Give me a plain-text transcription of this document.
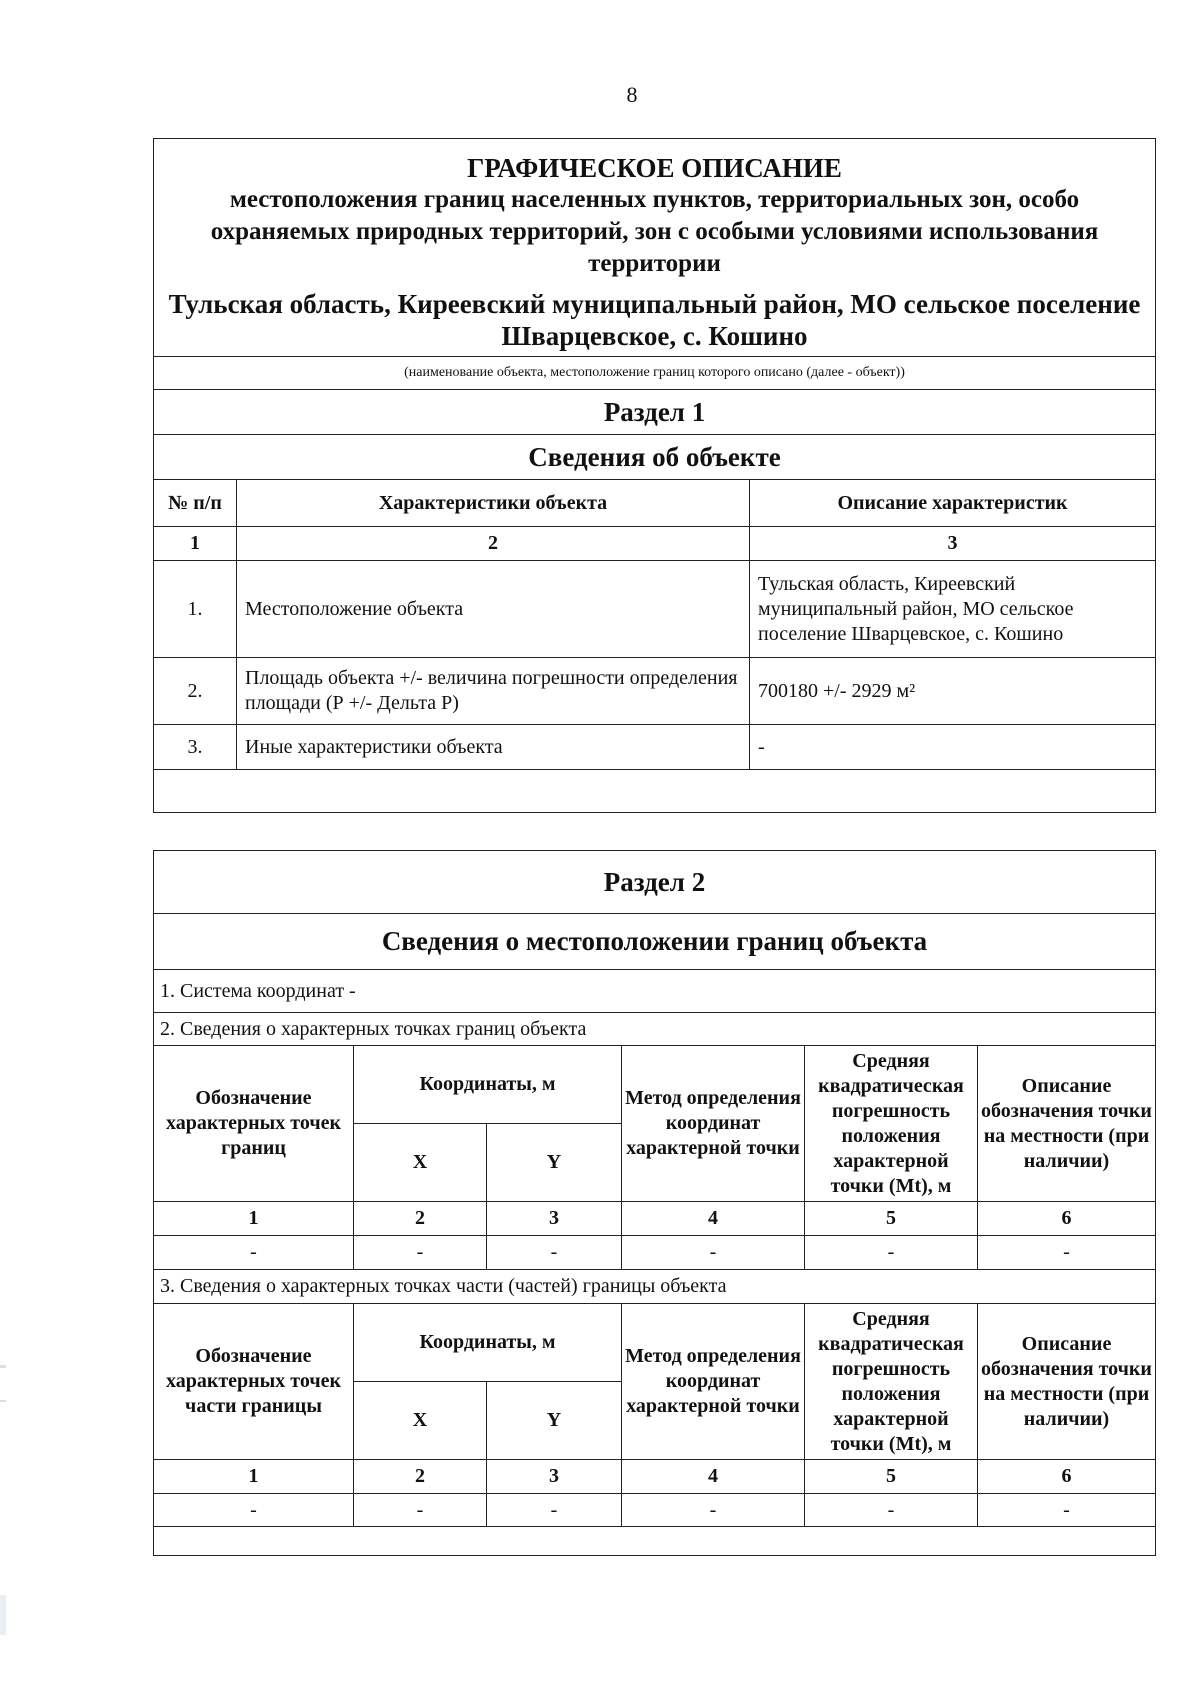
8
ГРАФИЧЕСКОЕ ОПИСАНИЕ
местоположения границ населенных пунктов, территориальных зон, особо охраняемых природных территорий, зон с особыми условиями использования территории
Тульская область, Киреевский муниципальный район, МО сельское поселение Шварцевское, с. Кошино		

(наименование объекта, местоположение границ которого описано (далее - объект))		
Раздел 1		
Сведения об объекте		
№ п/п	Характеристики объекта	Описание характеристик
1	2	3
1.	Местоположение объекта	Тульская область, Киреевский муниципальный район, МО сельское поселение Шварцевское, с. Кошино
2.	Площадь объекта +/- величина погрешности определения площади (Р +/- Дельта Р)	700180 +/- 2929 м²
3.	Иные характеристики объекта	-

Раздел 2					
Сведения о местоположении границ объекта					
1. Система координат -					
2. Сведения о характерных точках границ объекта					
Обозначение характерных точек границ	Координаты, м		Метод определения координат характерной точки	Средняя квадратическая погрешность положения характерной точки (Mt), м	Описание обозначения точки на местности (при наличии)
	X	Y			
1	2	3	4	5	6
-	-	-	-	-	-
3. Сведения о характерных точках части (частей) границы объекта					
Обозначение характерных точек части границы	Координаты, м		Метод определения координат характерной точки	Средняя квадратическая погрешность положения характерной точки (Mt), м	Описание обозначения точки на местности (при наличии)
	X	Y			
1	2	3	4	5	6
-	-	-	-	-	-
